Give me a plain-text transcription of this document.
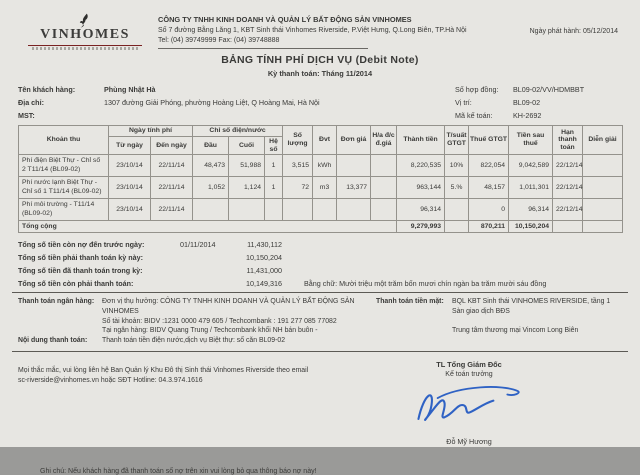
VINHOMES
CÔNG TY TNHH KINH DOANH VÀ QUẢN LÝ BẤT ĐỘNG SẢN VINHOMES
Số 7 đường Bằng Lăng 1, KBT Sinh thái Vinhomes Riverside, P.Việt Hưng, Q.Long Biên, TP.Hà Nội
Tel: (04) 39749999 Fax: (04) 39748888
Ngày phát hành: 05/12/2014
BẢNG TÍNH PHÍ DỊCH VỤ (Debit Note)
Kỳ thanh toán: Tháng 11/2014
Tên khách hàng:	Phùng Nhật Hà
Địa chỉ:	1307 đường Giải Phóng, phường Hoàng Liệt, Q Hoàng Mai, Hà Nội
MST:
Số hợp đồng:	BL09-02/VV/HDMBBT
Vị trí:	BL09-02
Mã kế toán:	KH-2692
Khoản thu	Ngày tính phí		Chỉ số điện/nước			Số lượng	Đvt	Đơn giá	H/a đ/c đ.giá	Thành tiền	T/suất GTGT	Thuế GTGT	Tiền sau thuế	Hạn thanh toán	Diễn giải
	Từ ngày	Đến ngày	Đầu	Cuối	Hệ số										
Phí điện Biệt Thự - Chỉ số 2 T11/14 (BL09-02)	23/10/14	22/11/14	48,473	51,988	1	3,515	kWh			8,220,535	10%	822,054	9,042,589	22/12/14	
Phí nước lạnh Biệt Thự - Chỉ số 1 T11/14 (BL09-02)	23/10/14	22/11/14	1,052	1,124	1	72	m3	13,377		963,144	5.%	48,157	1,011,301	22/12/14	
Phí môi trường - T11/14 (BL09-02)	23/10/14	22/11/14								96,314		0	96,314	22/12/14	
Tổng cộng										9,279,993		870,211	10,150,204		
Tổng số tiền còn nợ đến trước ngày:	01/11/2014	11,430,112
Tổng số tiền phải thanh toán kỳ này:	10,150,204
Tổng số tiền đã thanh toán trong kỳ:	11,431,000
Tổng số tiền còn phải thanh toán:	10,149,316	Bằng chữ: Mười triệu một trăm bốn mươi chín ngàn ba trăm mười sáu đồng
Thanh toán ngân hàng:	Đơn vị thụ hưởng: CÔNG TY TNHH KINH DOANH VÀ QUẢN LÝ BẤT ĐỘNG SẢN VINHOMES
Số tài khoản: BIDV :1231 0000 479 605 / Techcombank : 191 277 085 77082
Tại ngân hàng: BIDV Quang Trung / Techcombank khối NH bán buôn -
Nội dung thanh toán:	Thanh toán tiền điện nước,dịch vụ Biệt thự: số căn BL09-02
Thanh toán tiền mặt:	BQL KBT Sinh thái VINHOMES RIVERSIDE, tầng 1 Sàn giao dịch BĐS
Trung tâm thương mại Vincom Long Biên
Mọi thắc mắc, vui lòng liên hệ Ban Quản lý Khu Đô thị Sinh thái Vinhomes Riverside theo email
sc-riverside@vinhomes.vn hoặc SĐT Hotline: 04.3.974.1616
TL Tổng Giám Đốc
Kế toán trưởng
Đỗ Mỹ Hương
Ghi chú: Nếu khách hàng đã thanh toán số nợ trên xin vui lòng bỏ qua thông báo nợ này!
